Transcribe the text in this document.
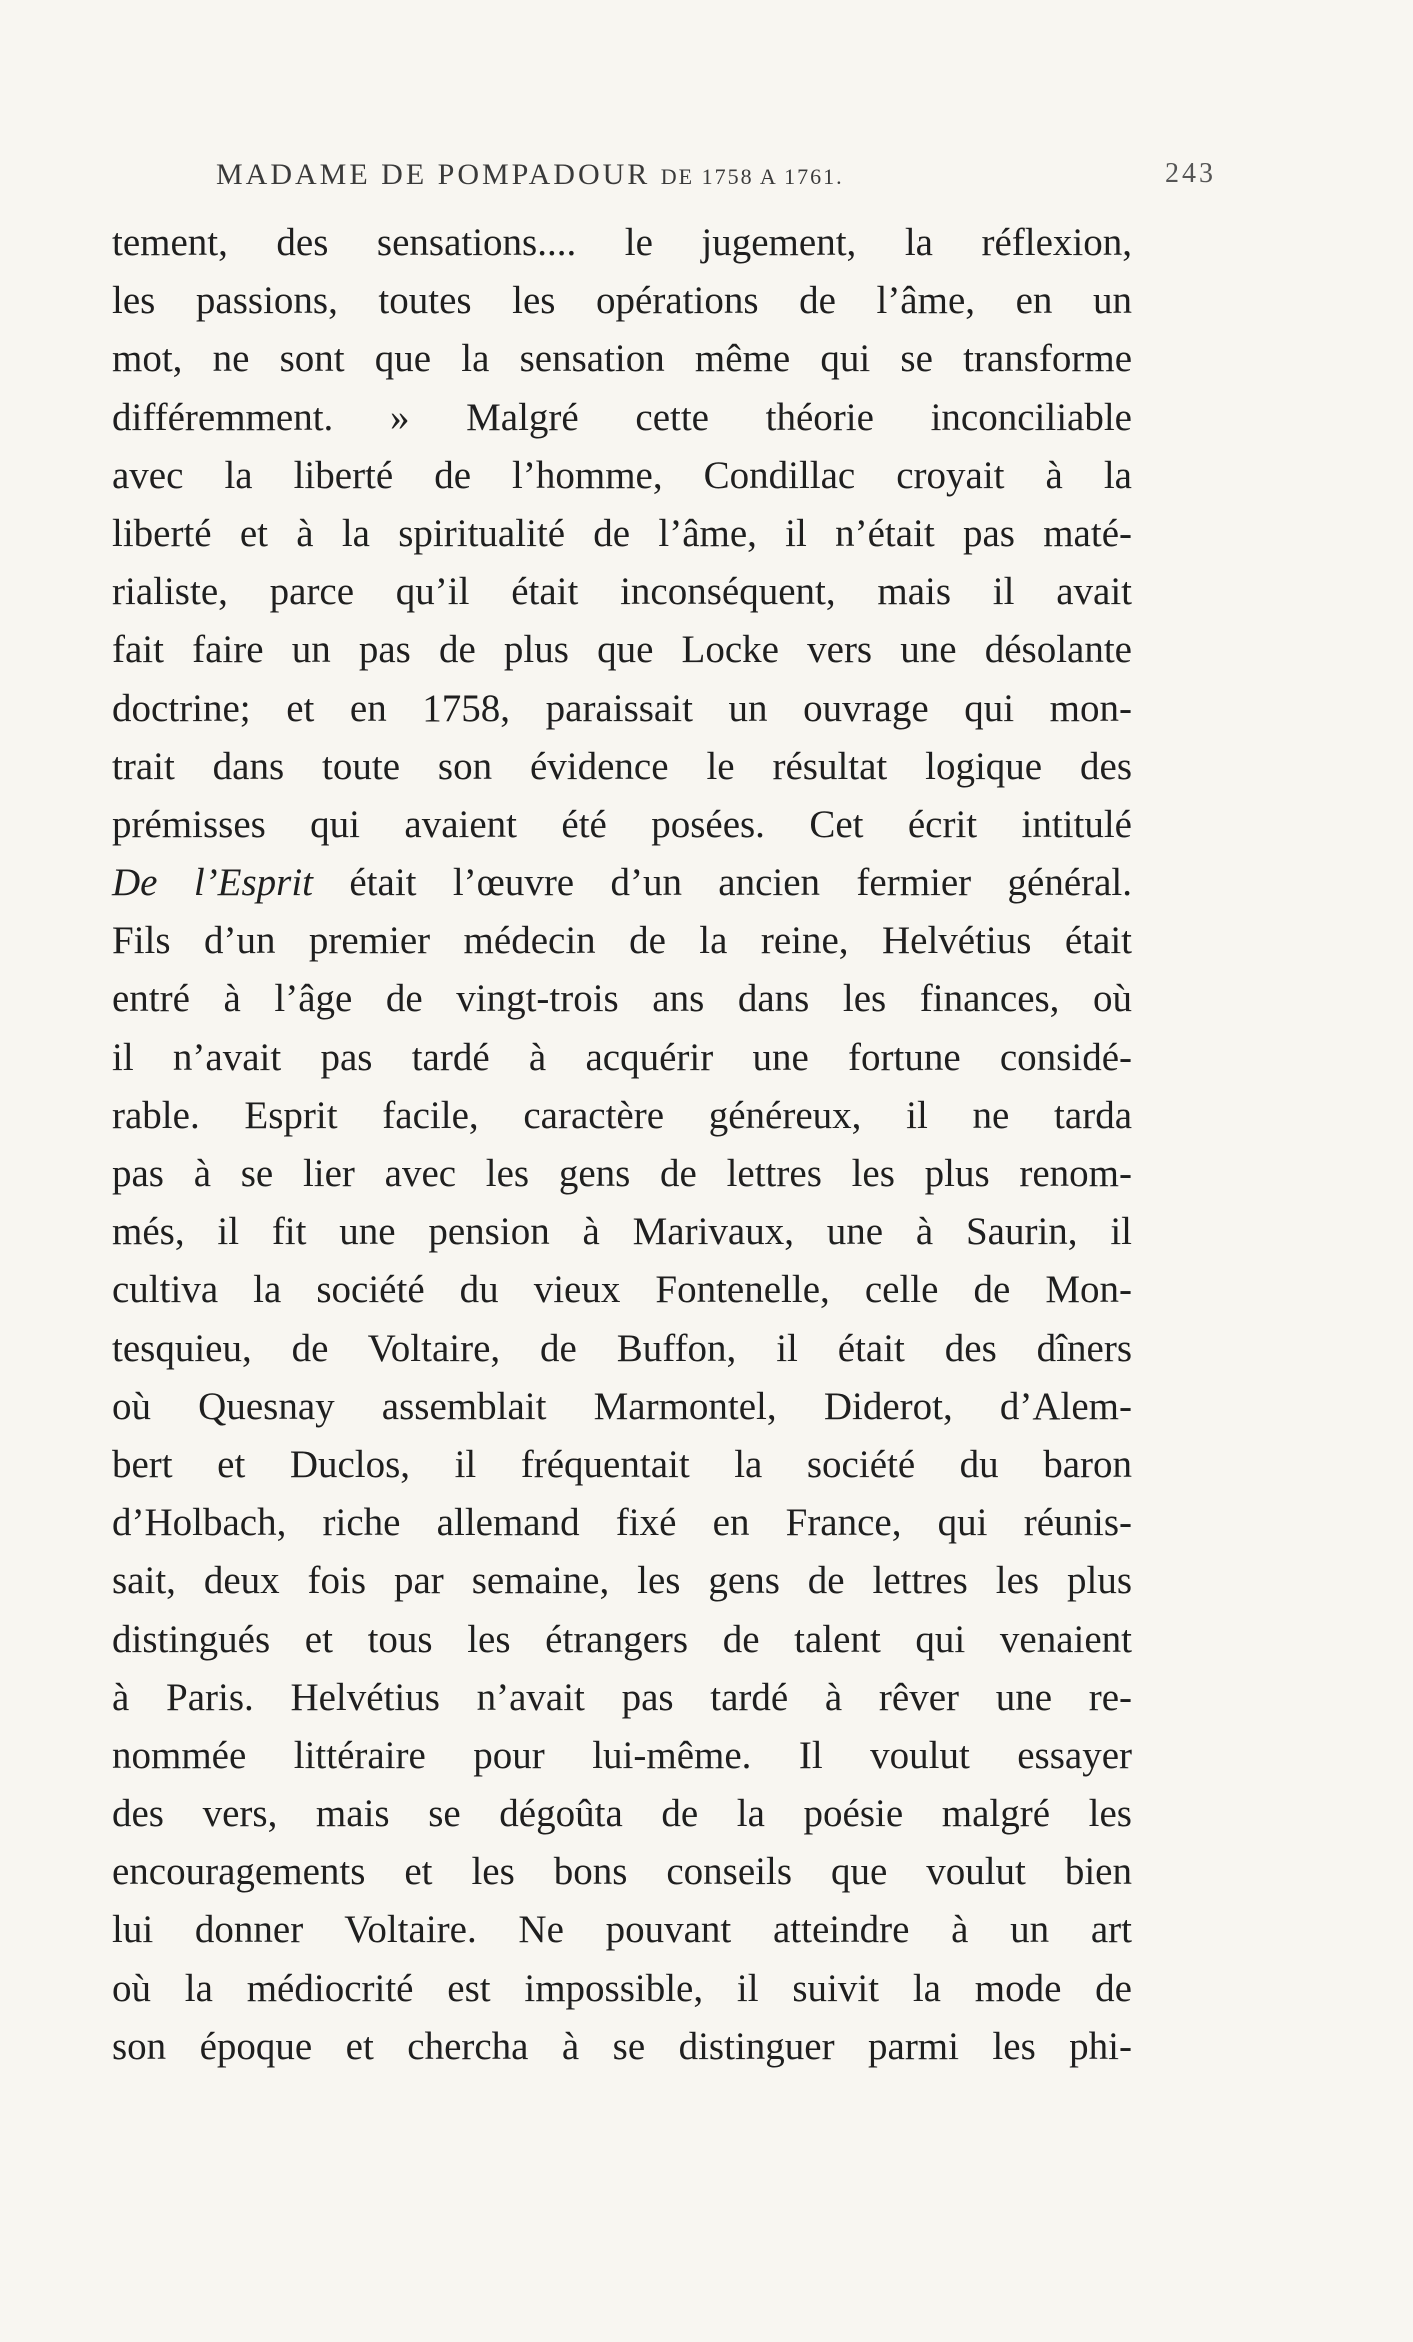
MADAME DE POMPADOUR DE 1758 A 1761.	243
tement, des sensations.... le jugement, la réflexion,
les passions, toutes les opérations de l’âme, en un
mot, ne sont que la sensation même qui se transforme
différemment. » Malgré cette théorie inconciliable
avec la liberté de l’homme, Condillac croyait à la
liberté et à la spiritualité de l’âme, il n’était pas maté-
rialiste, parce qu’il était inconséquent, mais il avait
fait faire un pas de plus que Locke vers une désolante
doctrine; et en 1758, paraissait un ouvrage qui mon-
trait dans toute son évidence le résultat logique des
prémisses qui avaient été posées. Cet écrit intitulé
De l’Esprit était l’œuvre d’un ancien fermier général.
Fils d’un premier médecin de la reine, Helvétius était
entré à l’âge de vingt-trois ans dans les finances, où
il n’avait pas tardé à acquérir une fortune considé-
rable. Esprit facile, caractère généreux, il ne tarda
pas à se lier avec les gens de lettres les plus renom-
més, il fit une pension à Marivaux, une à Saurin, il
cultiva la société du vieux Fontenelle, celle de Mon-
tesquieu, de Voltaire, de Buffon, il était des dîners
où Quesnay assemblait Marmontel, Diderot, d’Alem-
bert et Duclos, il fréquentait la société du baron
d’Holbach, riche allemand fixé en France, qui réunis-
sait, deux fois par semaine, les gens de lettres les plus
distingués et tous les étrangers de talent qui venaient
à Paris. Helvétius n’avait pas tardé à rêver une re-
nommée littéraire pour lui-même. Il voulut essayer
des vers, mais se dégoûta de la poésie malgré les
encouragements et les bons conseils que voulut bien
lui donner Voltaire. Ne pouvant atteindre à un art
où la médiocrité est impossible, il suivit la mode de
son époque et chercha à se distinguer parmi les phi-
